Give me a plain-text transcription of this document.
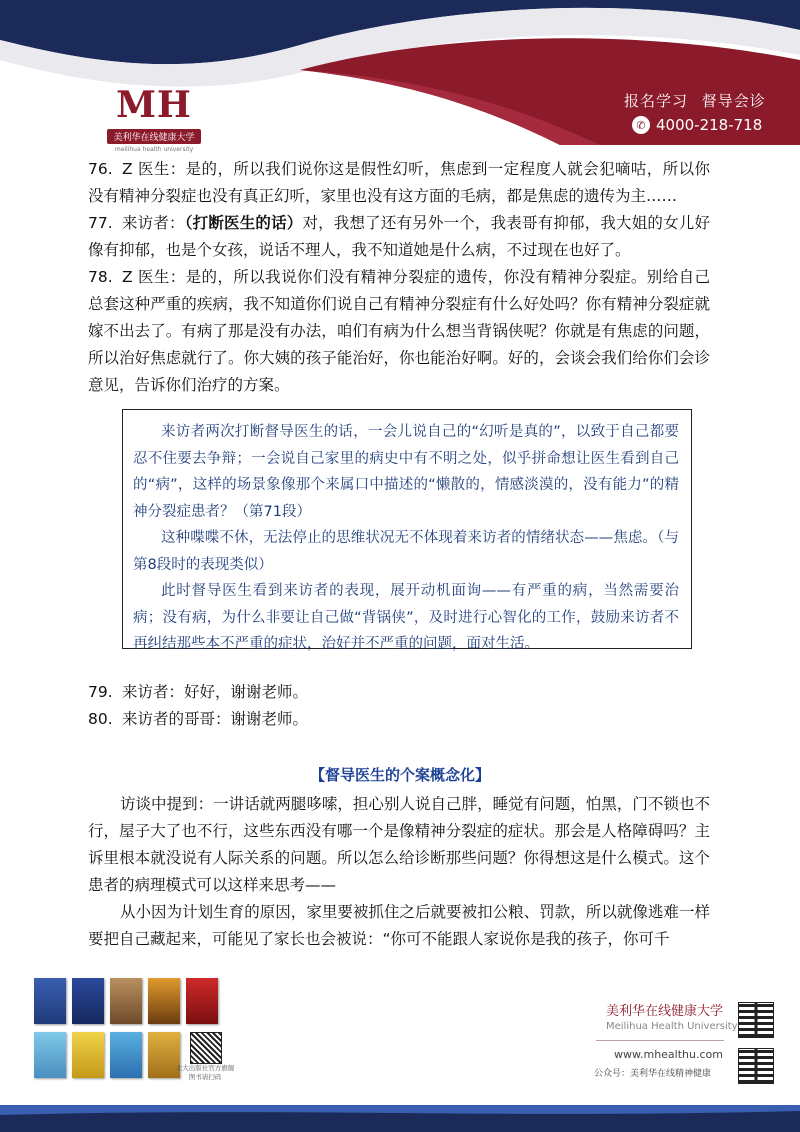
MH
美利华在线健康大学
meilihua health university
报名学习 督导会诊
✆ 4000-218-718
76. Z 医生：是的，所以我们说你这是假性幻听，焦虑到一定程度人就会犯嘀咕，所以你没有精神分裂症也没有真正幻听，家里也没有这方面的毛病，都是焦虑的遗传为主……
77. 来访者：（打断医生的话）对，我想了还有另外一个，我表哥有抑郁，我大姐的女儿好像有抑郁，也是个女孩，说话不理人，我不知道她是什么病，不过现在也好了。
78. Z 医生：是的，所以我说你们没有精神分裂症的遗传，你没有精神分裂症。别给自己总套这种严重的疾病，我不知道你们说自己有精神分裂症有什么好处吗？你有精神分裂症就嫁不出去了。有病了那是没有办法，咱们有病为什么想当背锅侠呢？你就是有焦虑的问题，所以治好焦虑就行了。你大姨的孩子能治好，你也能治好啊。好的，会谈会我们给你们会诊意见，告诉你们治疗的方案。

来访者两次打断督导医生的话，一会儿说自己的“幻听是真的”，以致于自己都要忍不住要去争辩；一会说自己家里的病史中有不明之处，似乎拼命想让医生看到自己的“病”，这样的场景象像那个来属口中描述的“懒散的，情感淡漠的，没有能力”的精神分裂症患者？（第71段）

这种喋喋不休，无法停止的思维状况无不体现着来访者的情绪状态——焦虑。（与第8段时的表现类似）

此时督导医生看到来访者的表现，展开动机面询——有严重的病，当然需要治病；没有病，为什么非要让自己做“背锅侠”，及时进行心智化的工作，鼓励来访者不再纠结那些本不严重的症状，治好并不严重的问题，面对生活。

79. 来访者：好好，谢谢老师。
80. 来访者的哥哥：谢谢老师。
【督导医生的个案概念化】

访谈中提到：一讲话就两腿哆嗦，担心别人说自己胖，睡觉有问题，怕黑，门不锁也不行，屋子大了也不行，这些东西没有哪一个是像精神分裂症的症状。那会是人格障碍吗？主诉里根本就没说有人际关系的问题。所以怎么给诊断那些问题？你得想这是什么模式。这个患者的病理模式可以这样来思考——

从小因为计划生育的原因，家里要被抓住之后就要被扣公粮、罚款，所以就像逃难一样要把自己藏起来，可能见了家长也会被说：“你可不能跟人家说你是我的孩子，你可千

北大出版社官方旗舰
图书请扫码
美利华在线健康大学
Meilihua Health University
www.mhealthu.com
公众号：美利华在线精神健康
